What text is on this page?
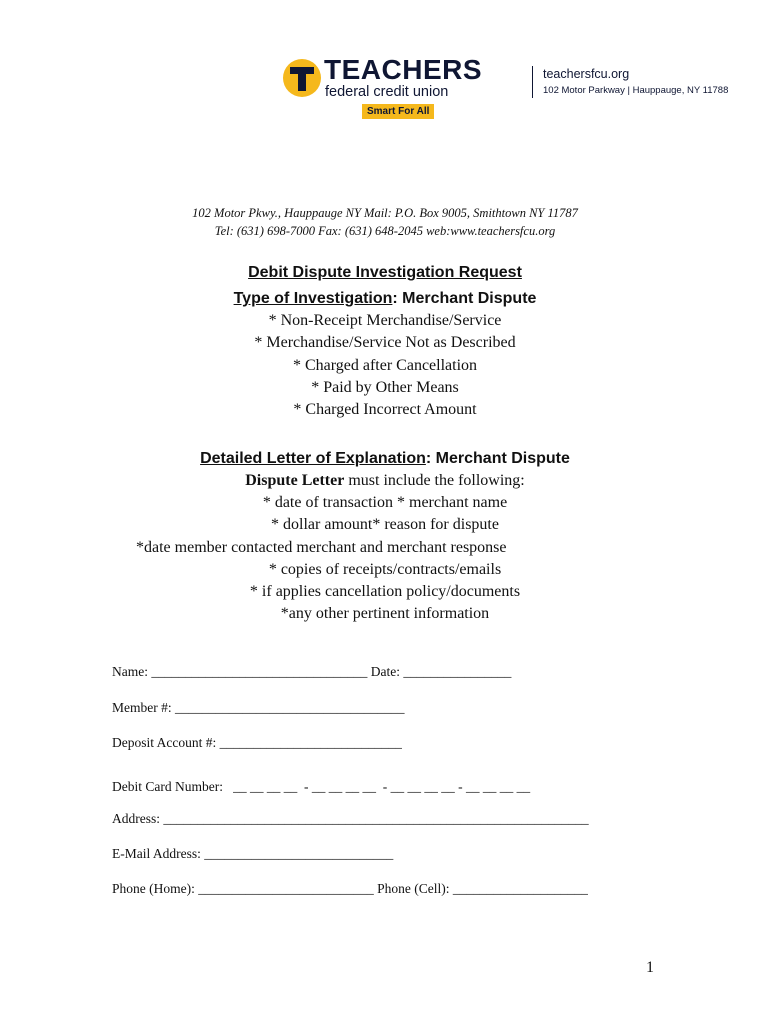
TEACHERS
federal credit union
Smart For All
teachersfcu.org
102 Motor Parkway | Hauppauge, NY 11788
102 Motor Pkwy., Hauppauge NY Mail: P.O. Box 9005, Smithtown NY 11787
Tel: (631) 698-7000 Fax: (631) 648-2045 web:www.teachersfcu.org
Debit Dispute Investigation Request
Type of Investigation: Merchant Dispute
* Non-Receipt Merchandise/Service
* Merchandise/Service Not as Described
* Charged after Cancellation
* Paid by Other Means
* Charged Incorrect Amount
Detailed Letter of Explanation: Merchant Dispute
Dispute Letter must include the following:
* date of transaction * merchant name
* dollar amount* reason for dispute
*date member contacted merchant and merchant response
* copies of receipts/contracts/emails
* if applies cancellation policy/documents
*any other pertinent information
Name: ________________________________ Date: ________________
Member #: __________________________________
Deposit Account #: ___________________________
Debit Card Number:   __ __ __ __  - __ __ __ __  - __ __ __ __ - __ __ __ __
Address: _______________________________________________________________
E-Mail Address: ____________________________
Phone (Home): __________________________ Phone (Cell): ____________________
1
